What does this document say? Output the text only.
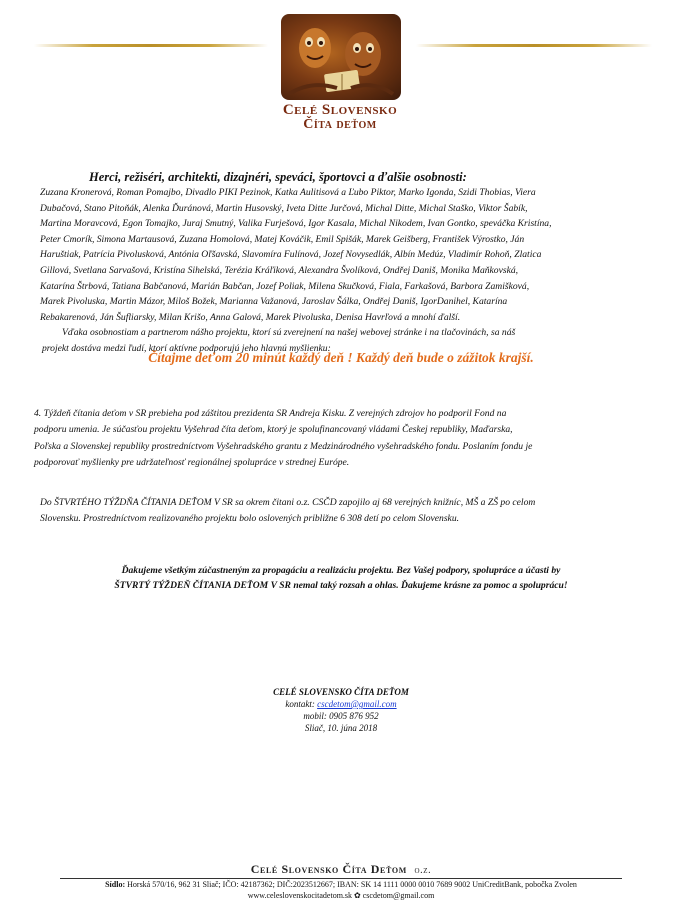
Celé Slovensko
Číta deťom
Herci, režiséri, architekti, dizajnéri, speváci, športovci a ďalšie osobnosti:
Zuzana Kronerová, Roman Pomajbo, Divadlo PIKI Pezinok, Katka Aulitisová a Ľubo Piktor, Marko Igonda, Szidi Thobias, Viera
Dubačová, Stano Pitoňák, Alenka Ďuránová, Martin Husovský, Iveta Ditte Jurčová, Michal Ditte, Michal Staško, Viktor Šabík,
Martina Moravcová, Egon Tomajko, Juraj Smutný, Valika Furješová, Igor Kasala, Michal Nikodem, Ivan Gontko, speváčka Kristína,
Peter Cmorík, Simona Martausová, Zuzana Homolová, Matej Kováčik, Emil Spišák, Marek Geišberg, František Výrostko, Ján
Haruštiak, Patrícia Pivolusková, Antónia Oľšavská, Slavomíra Fulínová, Jozef Novysedlák, Albín Medúz, Vladimír Rohoň, Zlatica
Gillová, Svetlana Sarvašová, Kristína Sihelská, Terézia Kráľiková, Alexandra Švolíková, Ondřej Daniš, Monika Maňkovská,
Katarína Štrbová, Tatiana Babčanová, Marián Babčan, Jozef Poliak, Milena Skučková, Fiala, Farkašová, Barbora Zamišková,
Marek Pivoluska, Martin Mázor, Miloš Božek, Marianna Važanová, Jaroslav Šálka, Ondřej Daniš, IgorDanihel, Katarína
Rebakarenová, Ján Šufliarsky, Milan Krišo, Anna Galová, Marek Pivoluska, Denisa Havrľová a mnohí ďalší.
Vďaka osobnostiam a partnerom nášho projektu, ktorí sú zverejnení na našej webovej stránke i na tlačovinách, sa náš
projekt dostáva medzi ľudí, ktorí aktívne podporujú jeho hlavnú myšlienku:
Čítajme deťom 20 minút každý deň ! Každý deň bude o zážitok krajší.
4. Týždeň čítania deťom v SR prebieha pod záštitou prezidenta SR Andreja Kisku. Z verejných zdrojov ho podporil Fond na
podporu umenia. Je súčasťou projektu Vyšehrad číta deťom, ktorý je spolufinancovaný vládami Českej republiky, Maďarska,
Poľska a Slovenskej republiky prostredníctvom Vyšehradského grantu z Medzinárodného vyšehradského fondu. Poslaním fondu je
podporovať myšlienky pre udržateľnosť regionálnej spolupráce v strednej Európe.
Do ŠTVRTÉHO TÝŽDŇA ČÍTANIA DEŤOM V SR sa okrem čitani o.z. CSČD zapojilo aj 68 verejných knižníc, MŠ a ZŠ po celom
Slovensku. Prostredníctvom realizovaného projektu bolo oslovených približne 6 308 detí po celom Slovensku.
Ďakujeme všetkým zúčastneným za propagáciu a realizáciu projektu. Bez Vašej podpory, spolupráce a účasti by
ŠTVRTÝ TÝŽDEŇ ČÍTANIA DEŤOM V SR nemal taký rozsah a ohlas. Ďakujeme krásne za pomoc a spoluprácu!
CELÉ SLOVENSKO ČÍTA DEŤOM
kontakt: cscdetom@gmail.com
mobil: 0905 876 952
Sliač, 10. júna 2018
Celé Slovensko Číta Deťom o.z.
Sídlo: Horská 570/16, 962 31 Sliač; IČO: 42187362; DIČ:2023512667; IBAN: SK 14 1111 0000 0010 7689 9002 UniCreditBank, pobočka Zvolen
www.celeslovenskocitadetom.sk ✿ cscdetom@gmail.com
